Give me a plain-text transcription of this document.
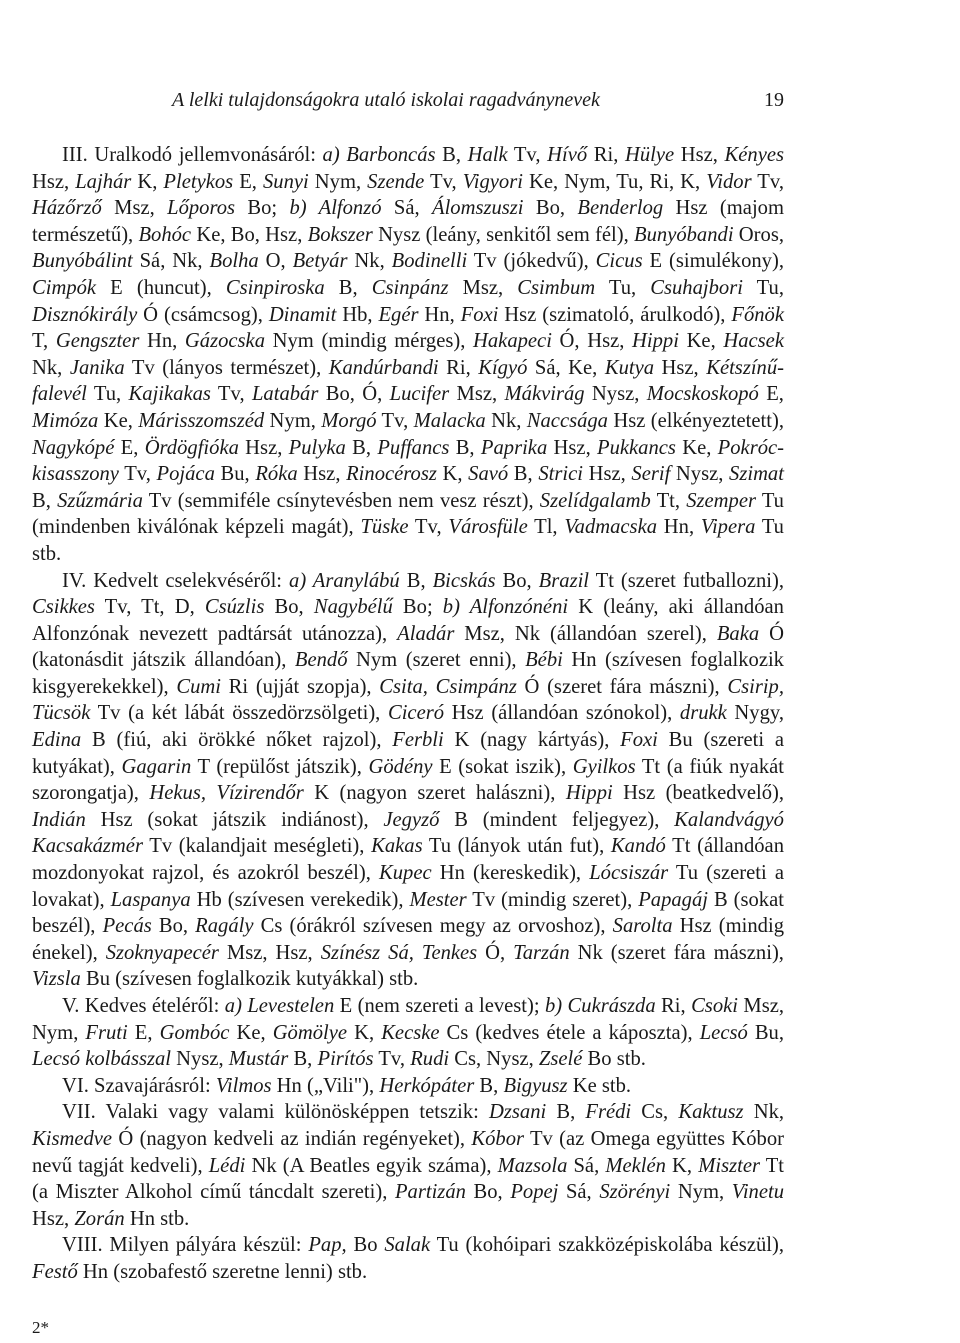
A lelki tulajdonságokra utaló iskolai ragadványnevek	19

III. Uralkodó jellemvonásáról: a) Barboncás B, Halk Tv, Hívő Ri, Hülye Hsz, Kényes Hsz, Lajhár K, Pletykos E, Sunyi Nym, Szende Tv, Vigyori Ke, Nym, Tu, Ri, K, Vidor Tv, Házőrző Msz, Lőporos Bo; b) Alfonzó Sá, Álomszuszi Bo, Benderlog Hsz (majom természetű), Bohóc Ke, Bo, Hsz, Bokszer Nysz (leány, senkitől sem fél), Bunyóbandi Oros, Bunyóbálint Sá, Nk, Bolha O, Betyár Nk, Bodinelli Tv (jókedvű), Cicus E (simulékony), Cimpók E (huncut), Csinpiroska B, Csinpánz Msz, Csimbum Tu, Csuhajbori Tu, Disznókirály Ó (csámcsog), Dinamit Hb, Egér Hn, Foxi Hsz (szimatoló, árulkodó), Főnök T, Gengszter Hn, Gázocska Nym (mindig mérges), Hakapeci Ó, Hsz, Hippi Ke, Hacsek Nk, Janika Tv (lányos természet), Kandúrbandi Ri, Kígyó Sá, Ke, Kutya Hsz, Kétszínű-falevél Tu, Kajikakas Tv, Latabár Bo, Ó, Lucifer Msz, Mákvirág Nysz, Mocskoskopó E, Mimóza Ke, Márisszomszéd Nym, Morgó Tv, Malacka Nk, Naccsága Hsz (elkényeztetett), Nagykópé E, Ördögfióka Hsz, Pulyka B, Puffancs B, Paprika Hsz, Pukkancs Ke, Pokróc-kisasszony Tv, Pojáca Bu, Róka Hsz, Rinocérosz K, Savó B, Strici Hsz, Serif Nysz, Szimat B, Szűzmária Tv (semmiféle csínytevésben nem vesz részt), Szelídgalamb Tt, Szemper Tu (mindenben kiválónak képzeli magát), Tüske Tv, Városfüle Tl, Vadmacska Hn, Vipera Tu stb.

IV. Kedvelt cselekvéséről: a) Aranylábú B, Bicskás Bo, Brazil Tt (szeret futballozni), Csikkes Tv, Tt, D, Csúzlis Bo, Nagybélű Bo; b) Alfonzónéni K (leány, aki állandóan Alfonzónak nevezett padtársát utánozza), Aladár Msz, Nk (állandóan szerel), Baka Ó (katonásdit játszik állandóan), Bendő Nym (szeret enni), Bébi Hn (szívesen foglalkozik kisgyerekekkel), Cumi Ri (ujját szopja), Csita, Csimpánz Ó (szeret fára mászni), Csirip, Tücsök Tv (a két lábát összedörzsölgeti), Ciceró Hsz (állandóan szónokol), drukk Nygy, Edina B (fiú, aki örökké nőket rajzol), Ferbli K (nagy kártyás), Foxi Bu (szereti a kutyákat), Gagarin T (repülőst játszik), Gödény E (sokat iszik), Gyilkos Tt (a fiúk nyakát szorongatja), Hekus, Vízirendőr K (nagyon szeret halászni), Hippi Hsz (beatkedvelő), Indián Hsz (sokat játszik indiánost), Jegyző B (mindent feljegyez), Kalandvágyó Kacsakázmér Tv (kalandjait meségleti), Kakas Tu (lányok után fut), Kandó Tt (állandóan mozdonyokat rajzol, és azokról beszél), Kupec Hn (kereskedik), Lócsiszár Tu (szereti a lovakat), Laspanya Hb (szívesen verekedik), Mester Tv (mindig szeret), Papagáj B (sokat beszél), Pecás Bo, Ragály Cs (órákról szívesen megy az orvoshoz), Sarolta Hsz (mindig énekel), Szoknyapecér Msz, Hsz, Színész Sá, Tenkes Ó, Tarzán Nk (szeret fára mászni), Vizsla Bu (szívesen foglalkozik kutyákkal) stb.

V. Kedves ételéről: a) Levestelen E (nem szereti a levest); b) Cukrászda Ri, Csoki Msz, Nym, Fruti E, Gombóc Ke, Gömölye K, Kecske Cs (kedves étele a káposzta), Lecsó Bu, Lecsó kolbásszal Nysz, Mustár B, Pirítós Tv, Rudi Cs, Nysz, Zselé Bo stb.

VI. Szavajárásról: Vilmos Hn („Vili"), Herkópáter B, Bigyusz Ke stb.

VII. Valaki vagy valami különösképpen tetszik: Dzsani B, Frédi Cs, Kaktusz Nk, Kismedve Ó (nagyon kedveli az indián regényeket), Kóbor Tv (az Omega együttes Kóbor nevű tagját kedveli), Lédi Nk (A Beatles egyik száma), Mazsola Sá, Meklén K, Miszter Tt (a Miszter Alkohol című táncdalt szereti), Partizán Bo, Popej Sá, Szörényi Nym, Vinetu Hsz, Zorán Hn stb.

VIII. Milyen pályára készül: Pap, Bo Salak Tu (kohóipari szakközépiskolába készül), Festő Hn (szobafestő szeretne lenni) stb.

2*
